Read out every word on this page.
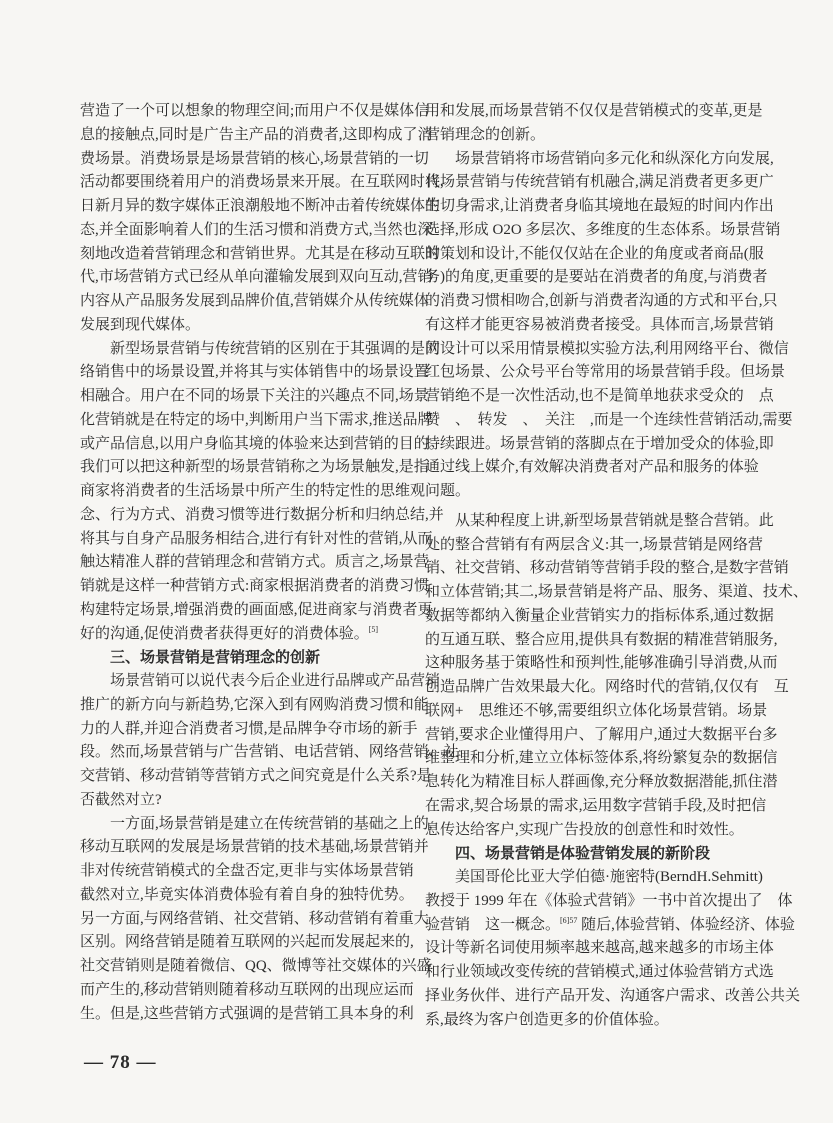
营造了一个可以想象的物理空间;而用户不仅是媒体信
息的接触点,同时是广告主产品的消费者,这即构成了消
费场景。消费场景是场景营销的核心,场景营销的一切
活动都要围绕着用户的消费场景来开展。在互联网时代,
日新月异的数字媒体正浪潮般地不断冲击着传统媒体生
态,并全面影响着人们的生活习惯和消费方式,当然也深
刻地改造着营销理念和营销世界。尤其是在移动互联时
代,市场营销方式已经从单向灌输发展到双向互动,营销
内容从产品服务发展到品牌价值,营销媒介从传统媒体
发展到现代媒体。
新型场景营销与传统营销的区别在于其强调的是网
络销售中的场景设置,并将其与实体销售中的场景设置
相融合。用户在不同的场景下关注的兴趣点不同,场景
化营销就是在特定的场中,判断用户当下需求,推送品牌
或产品信息,以用户身临其境的体验来达到营销的目的。
我们可以把这种新型的场景营销称之为场景触发,是指
商家将消费者的生活场景中所产生的特定性的思维观
念、行为方式、消费习惯等进行数据分析和归纳总结,并
将其与自身产品服务相结合,进行有针对性的营销,从而
触达精准人群的营销理念和营销方式。质言之,场景营
销就是这样一种营销方式:商家根据消费者的消费习惯
构建特定场景,增强消费的画面感,促进商家与消费者更
好的沟通,促使消费者获得更好的消费体验。[5]
三、场景营销是营销理念的创新
场景营销可以说代表今后企业进行品牌或产品营销
推广的新方向与新趋势,它深入到有网购消费习惯和能
力的人群,并迎合消费者习惯,是品牌争夺市场的新手
段。然而,场景营销与广告营销、电话营销、网络营销、社
交营销、移动营销等营销方式之间究竟是什么关系?是
否截然对立?
一方面,场景营销是建立在传统营销的基础之上的,
移动互联网的发展是场景营销的技术基础,场景营销并
非对传统营销模式的全盘否定,更非与实体场景营销
截然对立,毕竟实体消费体验有着自身的独特优势。
另一方面,与网络营销、社交营销、移动营销有着重大
区别。网络营销是随着互联网的兴起而发展起来的,
社交营销则是随着微信、QQ、微博等社交媒体的兴盛
而产生的,移动营销则随着移动互联网的出现应运而
生。但是,这些营销方式强调的是营销工具本身的利
用和发展,而场景营销不仅仅是营销模式的变革,更是
营销理念的创新。
场景营销将市场营销向多元化和纵深化方向发展,
将场景营销与传统营销有机融合,满足消费者更多更广
的切身需求,让消费者身临其境地在最短的时间内作出
选择,形成 O2O 多层次、多维度的生态体系。场景营销
的策划和设计,不能仅仅站在企业的角度或者商品(服
务)的角度,更重要的是要站在消费者的角度,与消费者
的消费习惯相吻合,创新与消费者沟通的方式和平台,只
有这样才能更容易被消费者接受。具体而言,场景营销
的设计可以采用情景模拟实验方法,利用网络平台、微信
红包场景、公众号平台等常用的场景营销手段。但场景
营销绝不是一次性活动,也不是简单地获求受众的　点
赞　、　转发　、　关注　,而是一个连续性营销活动,需要
持续跟进。场景营销的落脚点在于增加受众的体验,即
通过线上媒介,有效解决消费者对产品和服务的体验
问题。
从某种程度上讲,新型场景营销就是整合营销。此
处的整合营销有有两层含义:其一,场景营销是网络营
销、社交营销、移动营销等营销手段的整合,是数字营销
和立体营销;其二,场景营销是将产品、服务、渠道、技术、
数据等都纳入衡量企业营销实力的指标体系,通过数据
的互通互联、整合应用,提供具有数据的精准营销服务,
这种服务基于策略性和预判性,能够准确引导消费,从而
创造品牌广告效果最大化。网络时代的营销,仅仅有　互
联网+　思维还不够,需要组织立体化场景营销。场景
营销,要求企业懂得用户、了解用户,通过大数据平台多
维整理和分析,建立立体标签体系,将纷繁复杂的数据信
息转化为精准目标人群画像,充分释放数据潜能,抓住潜
在需求,契合场景的需求,运用数字营销手段,及时把信
息传达给客户,实现广告投放的创意性和时效性。
四、场景营销是体验营销发展的新阶段
美国哥伦比亚大学伯德·施密特(BerndH.Sehmitt)
教授于 1999 年在《体验式营销》一书中首次提出了　体
验营销　这一概念。$^{[6]57}$ 随后,体验营销、体验经济、体验
设计等新名词使用频率越来越高,越来越多的市场主体
和行业领域改变传统的营销模式,通过体验营销方式选
择业务伙伴、进行产品开发、沟通客户需求、改善公共关
系,最终为客户创造更多的价值体验。
— 78 —
